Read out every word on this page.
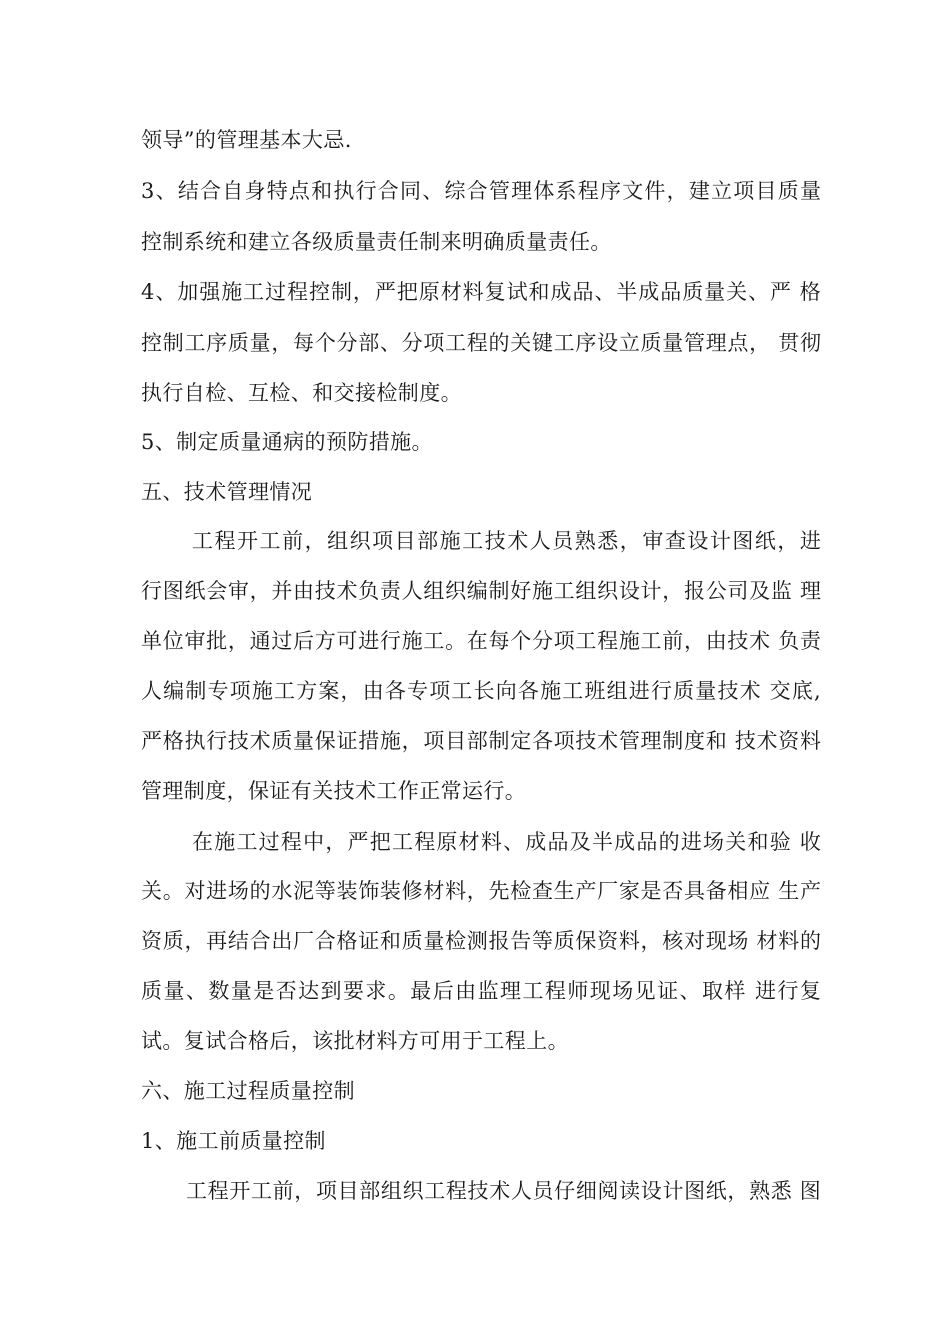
领导”的管理基本大忌.
3 、 结 合 自 身 特 点 和 执 行 合 同 、 综 合 管 理 体 系 程 序 文 件 ， 建 立 项 目 质 量
控制系统和建立各级质量责任制来明确质量责任。
4 、 加 强 施 工 过 程 控 制 ， 严 把 原 材 料 复 试 和 成 品 、 半 成 品 质 量 关 、 严
格
控 制 工 序 质 量 ， 每 个 分 部 、 分 项 工 程 的 关 键 工 序 设 立 质 量 管 理 点 ，
贯 彻
执行自检、互检、和交接检制度。
5、制定质量通病的预防措施。
五、技术管理情况
工 程 开 工 前 ， 组 织 项 目 部 施 工 技 术 人 员 熟 悉 ， 审 查 设 计 图 纸 ， 进
行 图 纸 会 审 ， 并 由 技 术 负 责 人 组 织 编 制 好 施 工 组 织 设 计 ， 报 公 司 及 监
理
单 位 审 批 ， 通 过 后 方 可 进 行 施 工 。 在 每 个 分 项 工 程 施 工 前 ， 由 技 术
负 责
人 编 制 专 项 施 工 方 案 ， 由 各 专 项 工 长 向 各 施 工 班 组 进 行 质 量 技 术
交 底 ,
严 格 执 行 技 术 质 量 保 证 措 施 ， 项 目 部 制 定 各 项 技 术 管 理 制 度 和
技 术 资 料
管理制度，保证有关技术工作正常运行。
在 施 工 过 程 中 ， 严 把 工 程 原 材 料 、 成 品 及 半 成 品 的 进 场 关 和 验
收
关 。 对 进 场 的 水 泥 等 装 饰 装 修 材 料 ， 先 检 查 生 产 厂 家 是 否 具 备 相 应
生 产
资 质 ， 再 结 合 出 厂 合 格 证 和 质 量 检 测 报 告 等 质 保 资 料 ， 核 对 现 场
材 料 的
质 量 、 数 量 是 否 达 到 要 求 。 最 后 由 监 理 工 程 师 现 场 见 证 、 取 样
进 行 复
试。复试合格后，该批材料方可用于工程上。
六、施工过程质量控制
1、施工前质量控制
工 程 开 工 前 ， 项 目 部 组 织 工 程 技 术 人 员 仔 细 阅 读 设 计 图 纸 ， 熟 悉
图
